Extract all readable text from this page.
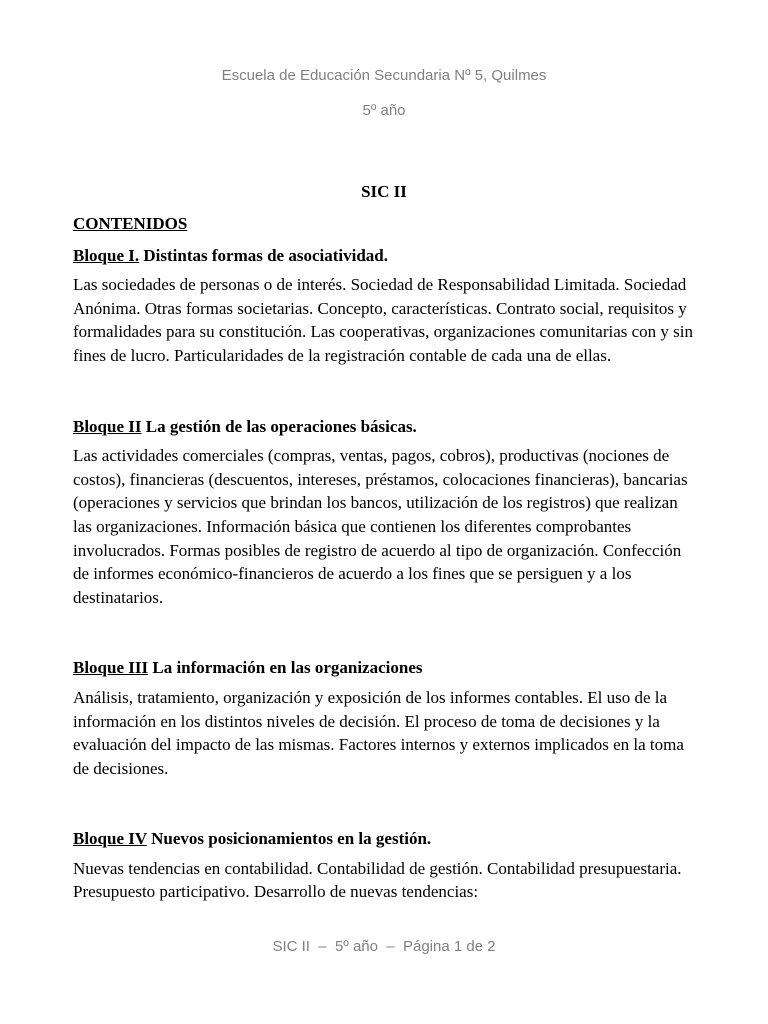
Escuela de Educación Secundaria Nº 5, Quilmes
5º año
SIC II
CONTENIDOS
Bloque I. Distintas formas de asociatividad.

Las sociedades de personas o de interés. Sociedad de Responsabilidad Limitada. Sociedad Anónima. Otras formas societarias. Concepto, características. Contrato social, requisitos y formalidades para su constitución. Las cooperativas, organizaciones comunitarias con y sin fines de lucro. Particularidades de la registración contable de cada una de ellas.

Bloque II La gestión de las operaciones básicas.

Las actividades comerciales (compras, ventas, pagos, cobros), productivas (nociones de costos), financieras (descuentos, intereses, préstamos, colocaciones financieras), bancarias (operaciones y servicios que brindan los bancos, utilización de los registros) que realizan las organizaciones. Información básica que contienen los diferentes comprobantes involucrados. Formas posibles de registro de acuerdo al tipo de organización. Confección de informes económico-financieros de acuerdo a los fines que se persiguen y a los destinatarios.

Bloque III La información en las organizaciones

Análisis, tratamiento, organización y exposición de los informes contables. El uso de la información en los distintos niveles de decisión. El proceso de toma de decisiones y la evaluación del impacto de las mismas. Factores internos y externos implicados en la toma de decisiones.

Bloque IV Nuevos posicionamientos en la gestión.

Nuevas tendencias en contabilidad. Contabilidad de gestión. Contabilidad presupuestaria. Presupuesto participativo. Desarrollo de nuevas tendencias:

SIC II  –  5º año  –  Página 1 de 2
